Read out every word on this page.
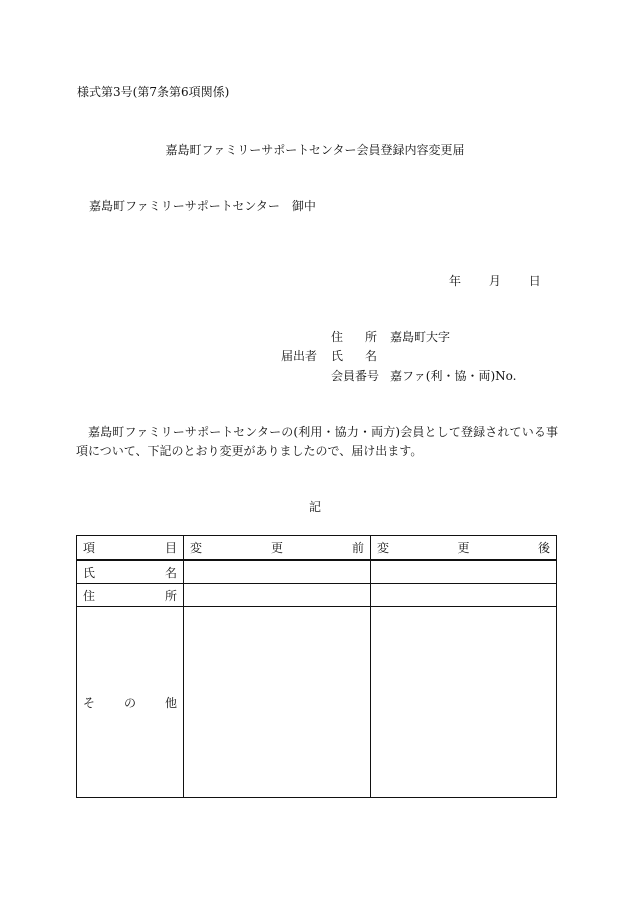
様式第3号(第7条第6項関係)
嘉島町ファミリーサポートセンター会員登録内容変更届
嘉島町ファミリーサポートセンター　御中
年 月 日
届出者
住所 嘉島町大字
氏名
会員番号 嘉ファ(利・協・両)No.
嘉島町ファミリーサポートセンターの(利用・協力・両方)会員として登録されている事項について、下記のとおり変更がありましたので、届け出ます。
記
項目	変更前	変更後

氏名		

住所		

その他		
